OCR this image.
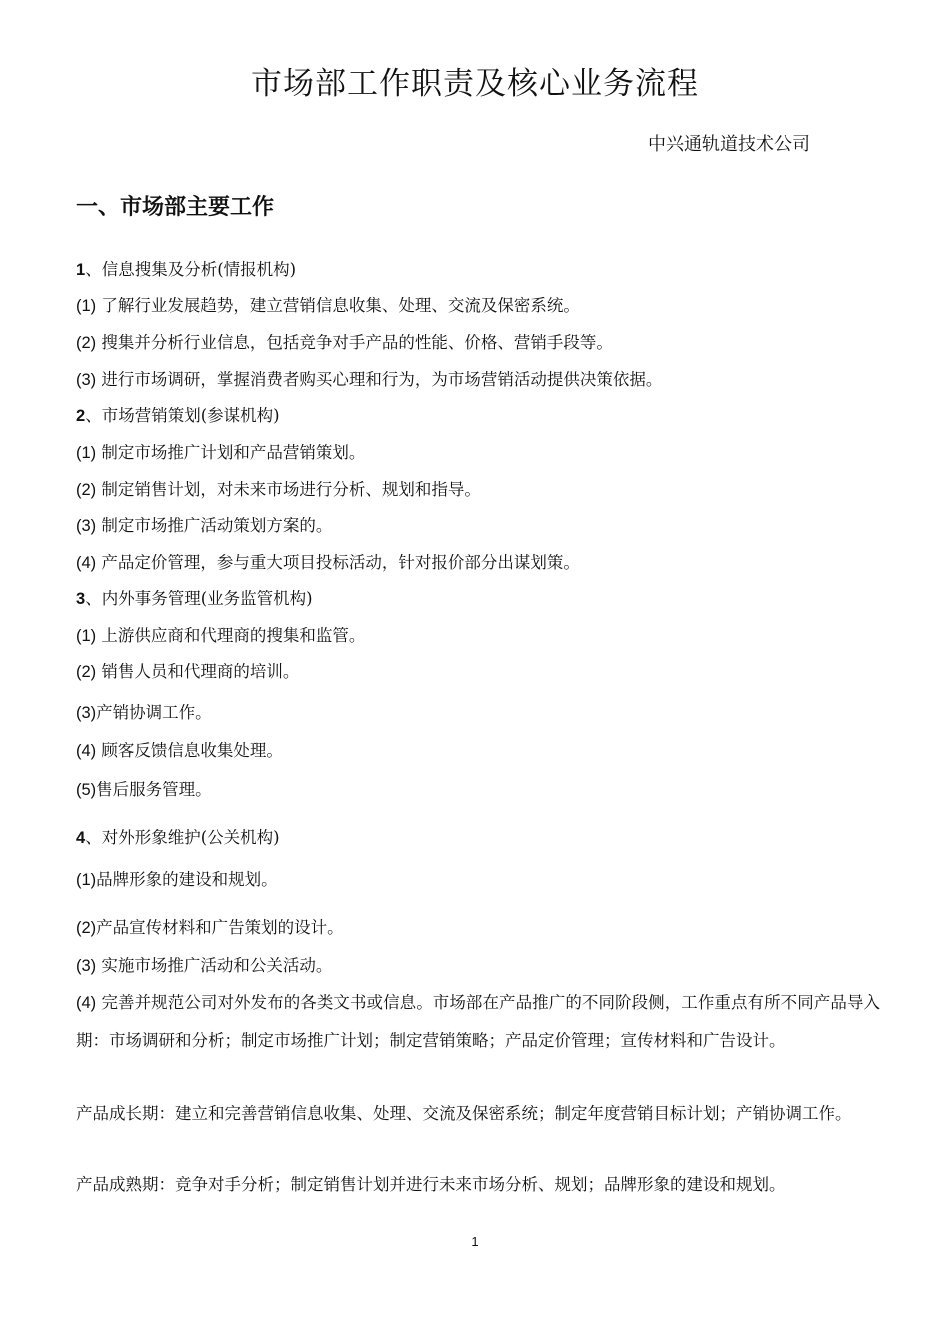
市场部工作职责及核心业务流程

中兴通轨道技术公司

一、市场部主要工作

1、信息搜集及分析(情报机构)

(1) 了解行业发展趋势，建立营销信息收集、处理、交流及保密系统。

(2) 搜集并分析行业信息，包括竞争对手产品的性能、价格、营销手段等。

(3) 进行市场调研，掌握消费者购买心理和行为，为市场营销活动提供决策依据。

2、市场营销策划(参谋机构)

(1) 制定市场推广计划和产品营销策划。

(2) 制定销售计划，对未来市场进行分析、规划和指导。

(3) 制定市场推广活动策划方案的。

(4) 产品定价管理，参与重大项目投标活动，针对报价部分出谋划策。

3、内外事务管理(业务监管机构)

(1) 上游供应商和代理商的搜集和监管。

(2) 销售人员和代理商的培训。

(3)产销协调工作。

(4) 顾客反馈信息收集处理。

(5)售后服务管理。

4、对外形象维护(公关机构)

(1)品牌形象的建设和规划。

(2)产品宣传材料和广告策划的设计。

(3) 实施市场推广活动和公关活动。

(4) 完善并规范公司对外发布的各类文书或信息。市场部在产品推广的不同阶段侧，工作重点有所不同产品导入期：市场调研和分析；制定市场推广计划；制定营销策略；产品定价管理；宣传材料和广告设计。

产品成长期：建立和完善营销信息收集、处理、交流及保密系统；制定年度营销目标计划；产销协调工作。

产品成熟期：竞争对手分析；制定销售计划并进行未来市场分析、规划；品牌形象的建设和规划。

1
